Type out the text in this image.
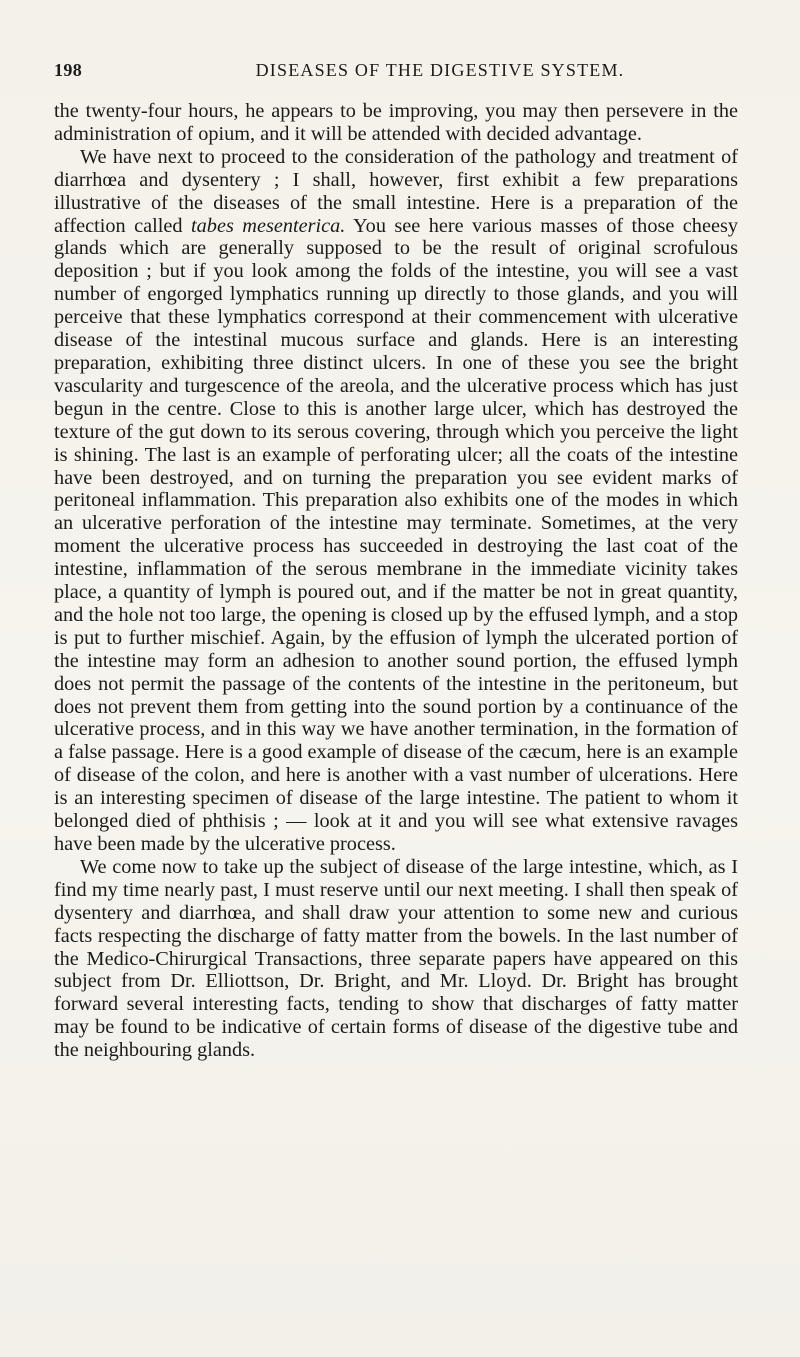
198	DISEASES OF THE DIGESTIVE SYSTEM.

the twenty-four hours, he appears to be improving, you may then persevere in the administration of opium, and it will be attended with decided advantage.

We have next to proceed to the consideration of the pathology and treatment of diarrhœa and dysentery ; I shall, however, first exhibit a few preparations illustrative of the diseases of the small intestine. Here is a preparation of the affection called tabes mesenterica. You see here various masses of those cheesy glands which are generally supposed to be the result of original scrofulous deposition ; but if you look among the folds of the intestine, you will see a vast number of engorged lymphatics running up directly to those glands, and you will perceive that these lymphatics correspond at their commencement with ulcerative disease of the intestinal mucous surface and glands. Here is an interesting preparation, exhibiting three distinct ulcers. In one of these you see the bright vascularity and turgescence of the areola, and the ulcerative process which has just begun in the centre. Close to this is another large ulcer, which has destroyed the texture of the gut down to its serous covering, through which you perceive the light is shining. The last is an example of perforating ulcer; all the coats of the intestine have been destroyed, and on turning the preparation you see evident marks of peritoneal inflammation. This preparation also exhibits one of the modes in which an ulcerative perforation of the intestine may terminate. Sometimes, at the very moment the ulcerative process has succeeded in destroying the last coat of the intestine, inflammation of the serous membrane in the immediate vicinity takes place, a quantity of lymph is poured out, and if the matter be not in great quantity, and the hole not too large, the opening is closed up by the effused lymph, and a stop is put to further mischief. Again, by the effusion of lymph the ulcerated portion of the intestine may form an adhesion to another sound portion, the effused lymph does not permit the passage of the contents of the intestine in the peritoneum, but does not prevent them from getting into the sound portion by a continuance of the ulcerative process, and in this way we have another termination, in the formation of a false passage. Here is a good example of disease of the cæcum, here is an example of disease of the colon, and here is another with a vast number of ulcerations. Here is an interesting specimen of disease of the large intestine. The patient to whom it belonged died of phthisis ; — look at it and you will see what extensive ravages have been made by the ulcerative process.

We come now to take up the subject of disease of the large intestine, which, as I find my time nearly past, I must reserve until our next meeting. I shall then speak of dysentery and diarrhœa, and shall draw your attention to some new and curious facts respecting the discharge of fatty matter from the bowels. In the last number of the Medico-Chirurgical Transactions, three separate papers have appeared on this subject from Dr. Elliottson, Dr. Bright, and Mr. Lloyd. Dr. Bright has brought forward several interesting facts, tending to show that discharges of fatty matter may be found to be indicative of certain forms of disease of the digestive tube and the neighbouring glands.
